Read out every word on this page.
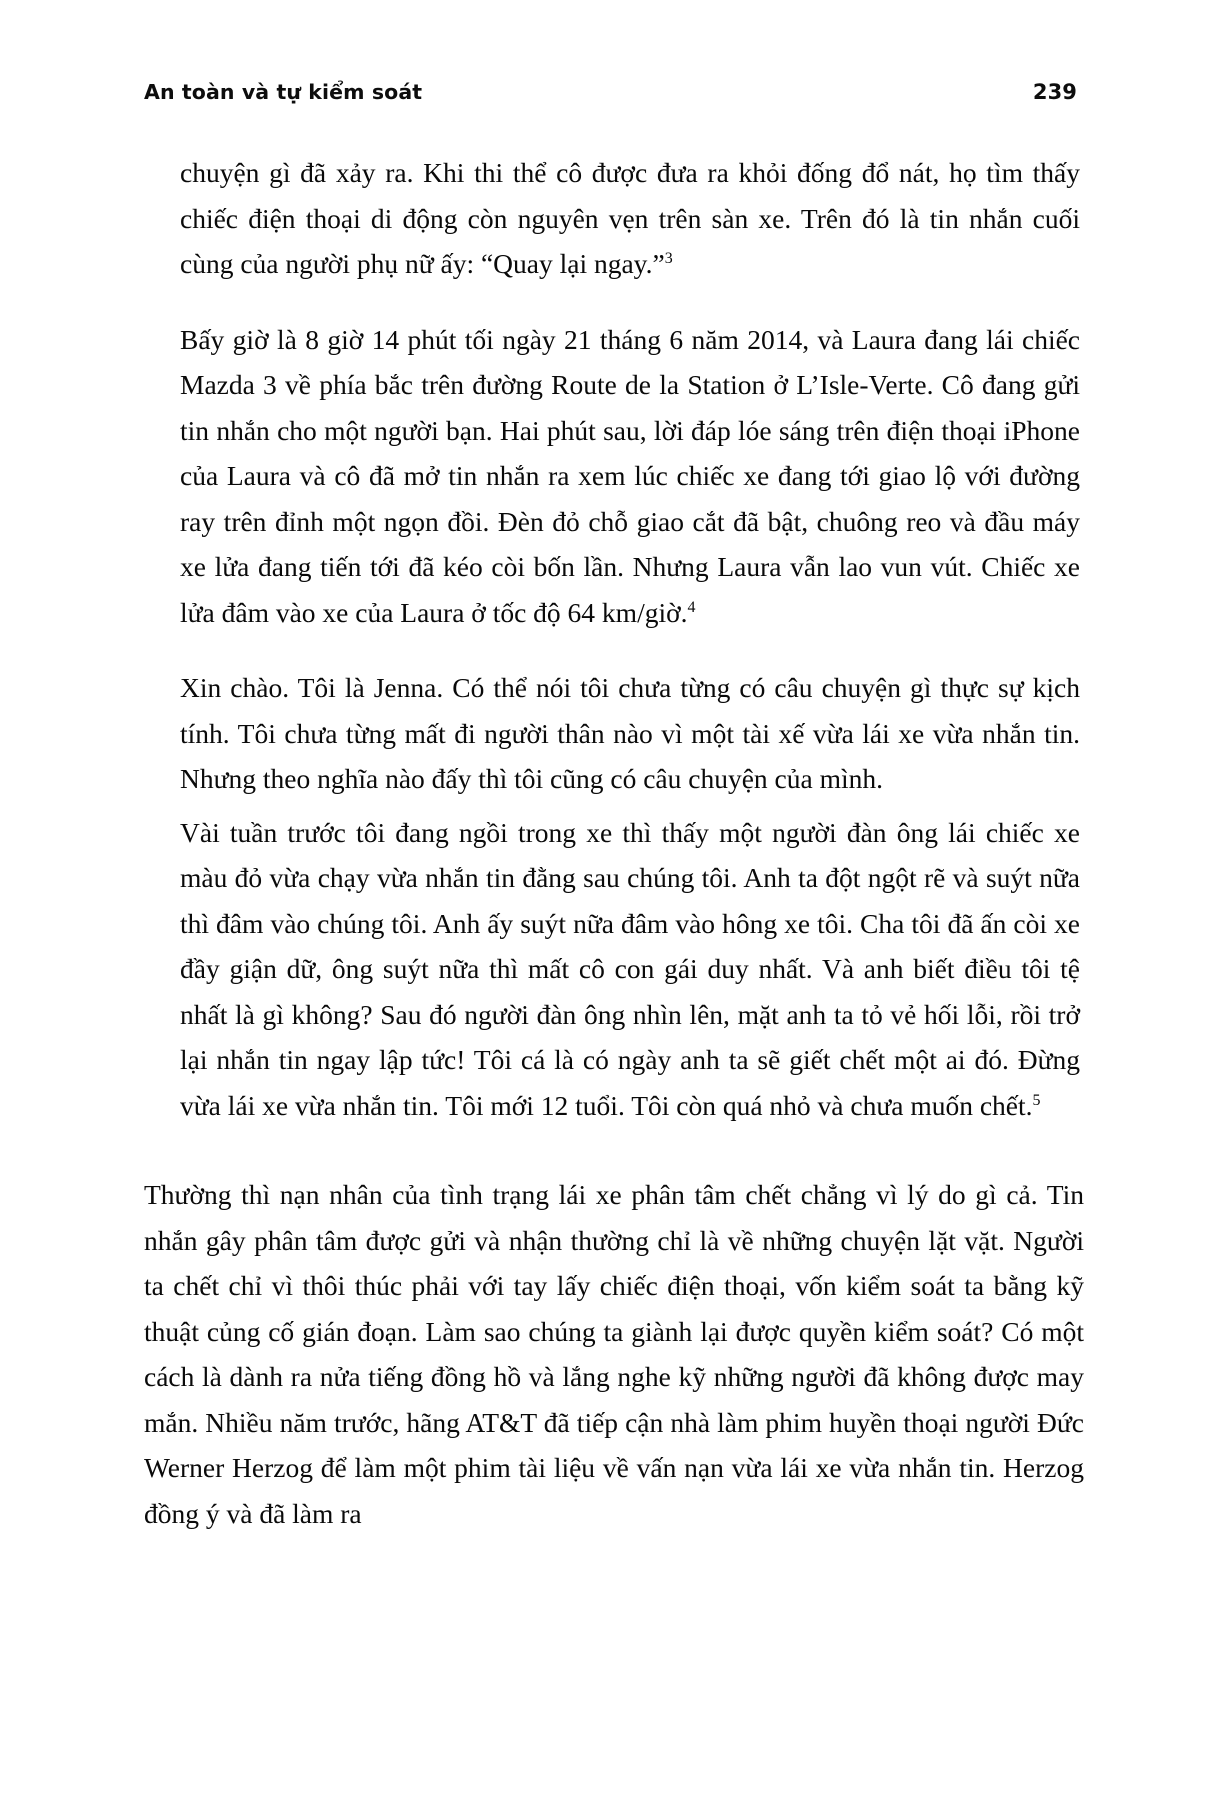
An toàn và tự kiểm soát	239

chuyện gì đã xảy ra. Khi thi thể cô được đưa ra khỏi đống đổ nát, họ tìm thấy chiếc điện thoại di động còn nguyên vẹn trên sàn xe. Trên đó là tin nhắn cuối cùng của người phụ nữ ấy: “Quay lại ngay.”$^3$

Bấy giờ là 8 giờ 14 phút tối ngày 21 tháng 6 năm 2014, và Laura đang lái chiếc Mazda 3 về phía bắc trên đường Route de la Station ở L’Isle-Verte. Cô đang gửi tin nhắn cho một người bạn. Hai phút sau, lời đáp lóe sáng trên điện thoại iPhone của Laura và cô đã mở tin nhắn ra xem lúc chiếc xe đang tới giao lộ với đường ray trên đỉnh một ngọn đồi. Đèn đỏ chỗ giao cắt đã bật, chuông reo và đầu máy xe lửa đang tiến tới đã kéo còi bốn lần. Nhưng Laura vẫn lao vun vút. Chiếc xe lửa đâm vào xe của Laura ở tốc độ 64 km/giờ.$^4$

Xin chào. Tôi là Jenna. Có thể nói tôi chưa từng có câu chuyện gì thực sự kịch tính. Tôi chưa từng mất đi người thân nào vì một tài xế vừa lái xe vừa nhắn tin. Nhưng theo nghĩa nào đấy thì tôi cũng có câu chuyện của mình.

Vài tuần trước tôi đang ngồi trong xe thì thấy một người đàn ông lái chiếc xe màu đỏ vừa chạy vừa nhắn tin đằng sau chúng tôi. Anh ta đột ngột rẽ và suýt nữa thì đâm vào chúng tôi. Anh ấy suýt nữa đâm vào hông xe tôi. Cha tôi đã ấn còi xe đầy giận dữ, ông suýt nữa thì mất cô con gái duy nhất. Và anh biết điều tôi tệ nhất là gì không? Sau đó người đàn ông nhìn lên, mặt anh ta tỏ vẻ hối lỗi, rồi trở lại nhắn tin ngay lập tức! Tôi cá là có ngày anh ta sẽ giết chết một ai đó. Đừng vừa lái xe vừa nhắn tin. Tôi mới 12 tuổi. Tôi còn quá nhỏ và chưa muốn chết.$^5$

Thường thì nạn nhân của tình trạng lái xe phân tâm chết chẳng vì lý do gì cả. Tin nhắn gây phân tâm được gửi và nhận thường chỉ là về những chuyện lặt vặt. Người ta chết chỉ vì thôi thúc phải với tay lấy chiếc điện thoại, vốn kiểm soát ta bằng kỹ thuật củng cố gián đoạn. Làm sao chúng ta giành lại được quyền kiểm soát? Có một cách là dành ra nửa tiếng đồng hồ và lắng nghe kỹ những người đã không được may mắn. Nhiều năm trước, hãng AT&T đã tiếp cận nhà làm phim huyền thoại người Đức Werner Herzog để làm một phim tài liệu về vấn nạn vừa lái xe vừa nhắn tin. Herzog đồng ý và đã làm ra
